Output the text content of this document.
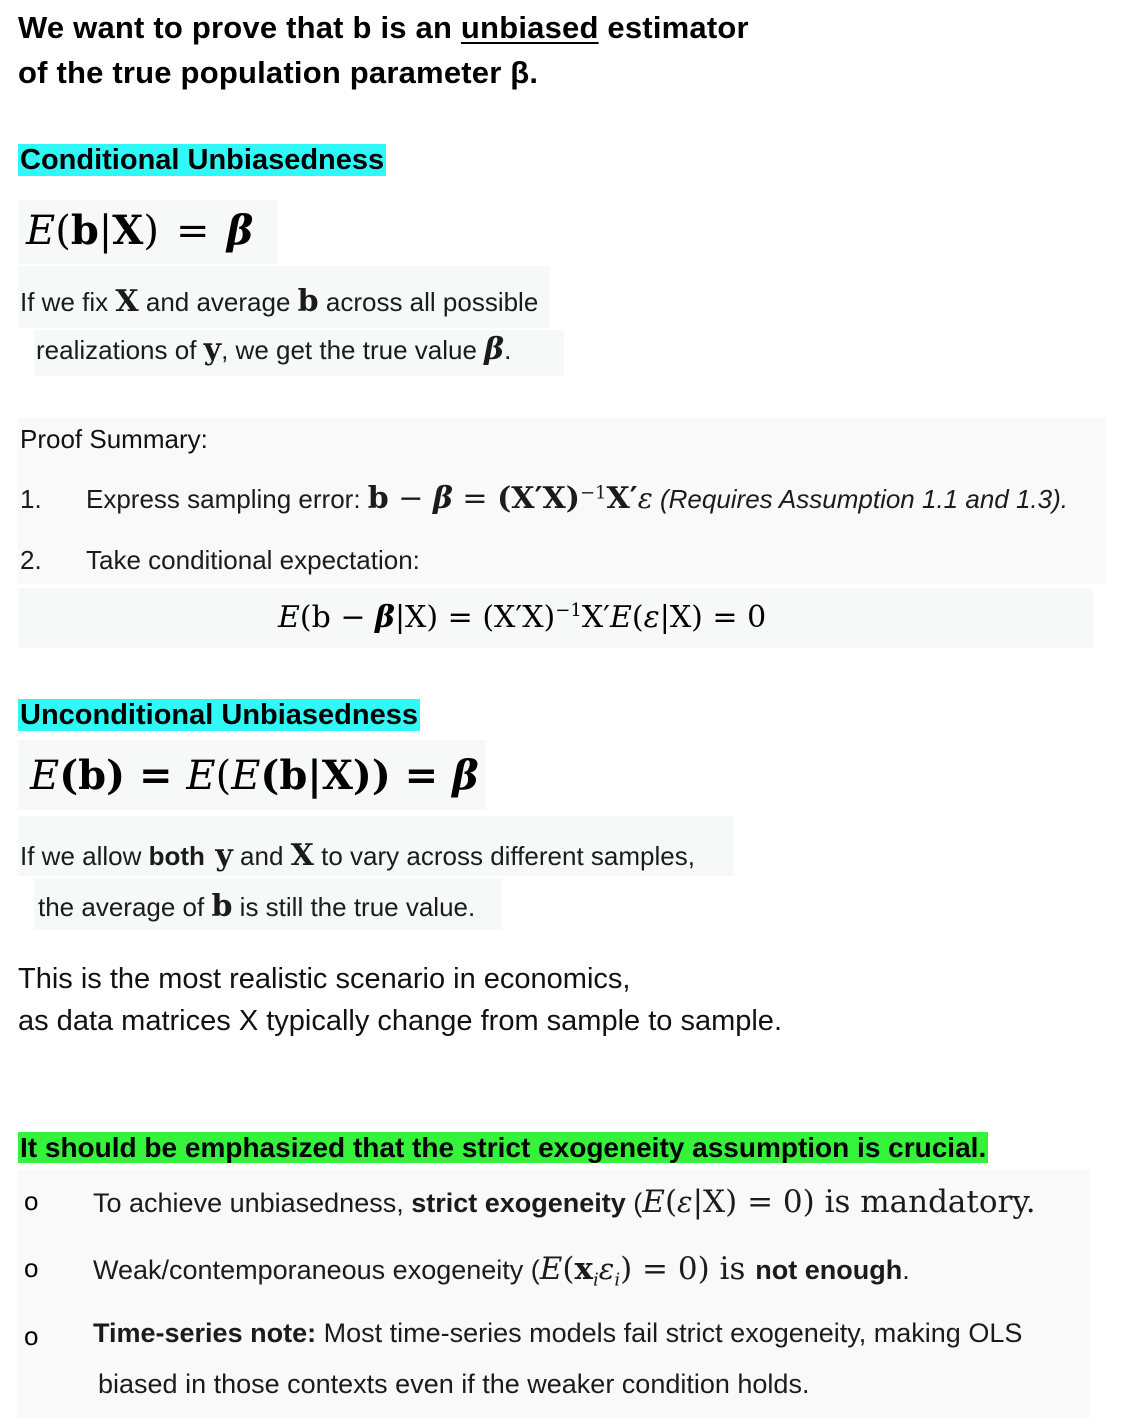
We want to prove that b is an unbiased estimator
of the true population parameter β.
Conditional Unbiasedness
E(b|X) = β
If we fix X and average b across all possible
realizations of y, we get the true value β.
Proof Summary:
1. Express sampling error: $b - \beta = (X'X)^{-1}X'\varepsilon$ (Requires Assumption 1.1 and 1.3).
2. Take conditional expectation:
$E(b - \beta|X) = (X'X)^{-1}X'E(\varepsilon|X) = 0$
Unconditional Unbiasedness
E(b) = E(E(b|X)) = β
If we allow both y and X to vary across different samples,
the average of b is still the true value.
This is the most realistic scenario in economics,
as data matrices X typically change from sample to sample.
It should be emphasized that the strict exogeneity assumption is crucial.
o To achieve unbiasedness, strict exogeneity (E(ε|X) = 0) is mandatory.
o Weak/contemporaneous exogeneity $(E(x_i\varepsilon_i) = 0)$ is not enough.
o Time-series note: Most time-series models fail strict exogeneity, making OLS
biased in those contexts even if the weaker condition holds.
